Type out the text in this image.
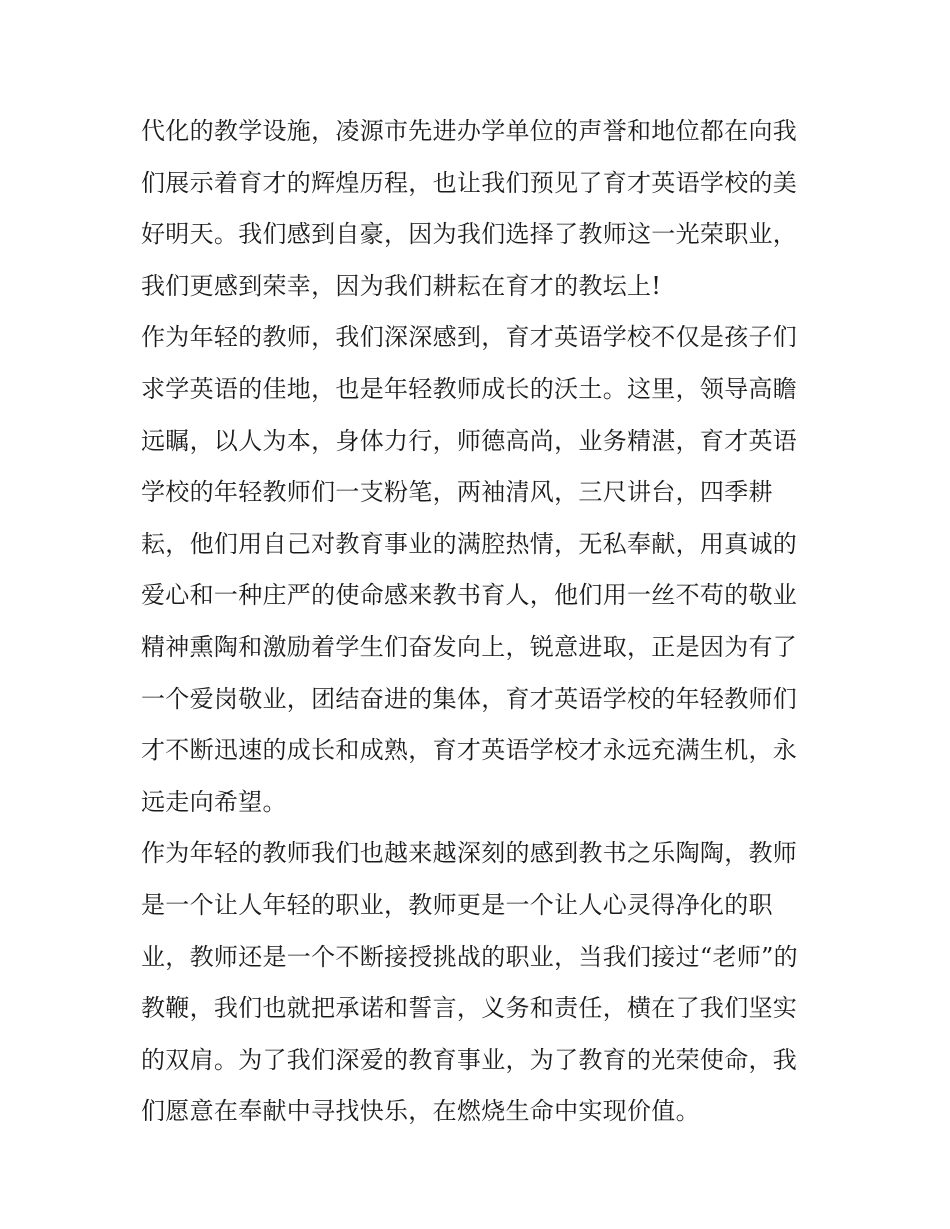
代化的教学设施，凌源市先进办学单位的声誉和地位都在向我
们展示着育才的辉煌历程，也让我们预见了育才英语学校的美
好明天。我们感到自豪，因为我们选择了教师这一光荣职业，
我们更感到荣幸，因为我们耕耘在育才的教坛上!
作为年轻的教师，我们深深感到，育才英语学校不仅是孩子们
求学英语的佳地，也是年轻教师成长的沃土。这里，领导高瞻
远瞩，以人为本，身体力行，师德高尚，业务精湛，育才英语
学校的年轻教师们一支粉笔，两袖清风，三尺讲台，四季耕
耘，他们用自己对教育事业的满腔热情，无私奉献，用真诚的
爱心和一种庄严的使命感来教书育人，他们用一丝不苟的敬业
精神熏陶和激励着学生们奋发向上，锐意进取，正是因为有了
一个爱岗敬业，团结奋进的集体，育才英语学校的年轻教师们
才不断迅速的成长和成熟，育才英语学校才永远充满生机，永
远走向希望。
作为年轻的教师我们也越来越深刻的感到教书之乐陶陶，教师
是一个让人年轻的职业，教师更是一个让人心灵得净化的职
业，教师还是一个不断接授挑战的职业，当我们接过“老师”的
教鞭，我们也就把承诺和誓言，义务和责任，横在了我们坚实
的双肩。为了我们深爱的教育事业，为了教育的光荣使命，我
们愿意在奉献中寻找快乐，在燃烧生命中实现价值。
